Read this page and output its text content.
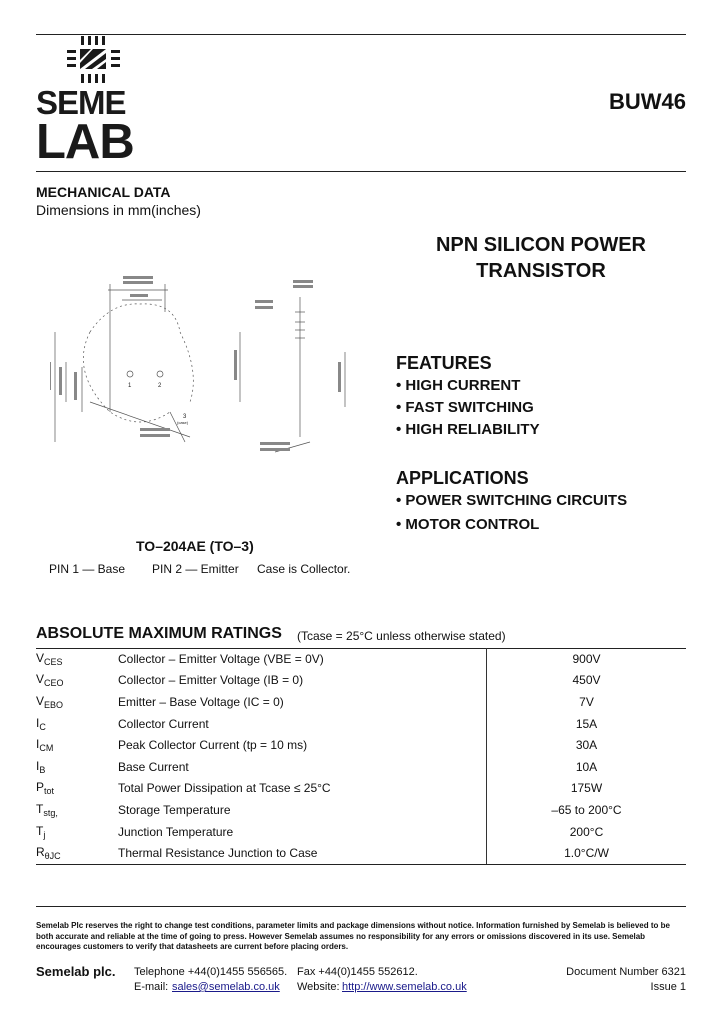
SEME
LAB
BUW46
MECHANICAL DATA
Dimensions in mm(inches)
NPN SILICON POWER
TRANSISTOR
1	2
3
(case)
FEATURES
• HIGH CURRENT
• FAST SWITCHING
• HIGH RELIABILITY
APPLICATIONS
• POWER SWITCHING CIRCUITS
• MOTOR CONTROL
TO–204AE (TO–3)
PIN 1 — Base PIN 2 — Emitter Case is Collector.
ABSOLUTE MAXIMUM RATINGS (Tcase = 25°C unless otherwise stated)
$V_{CES}$	Collector – Emitter Voltage (VBE = 0V)	900V
$V_{CEO}$	Collector – Emitter Voltage (IB = 0)	450V
$V_{EBO}$	Emitter – Base Voltage (IC = 0)	7V
$I_C$	Collector Current	15A
$I_{CM}$	Peak Collector Current (tp = 10 ms)	30A
$I_B$	Base Current	10A
$P_{tot}$	Total Power Dissipation at Tcase ≤ 25°C	175W
$T_{stg,}$	Storage Temperature	–65 to 200°C
$T_j$	Junction Temperature	200°C
$R_{\theta JC}$	Thermal Resistance Junction to Case	1.0°C/W
Semelab Plc reserves the right to change test conditions, parameter limits and package dimensions without notice. Information furnished by Semelab is believed to be both accurate and reliable at the time of going to press. However Semelab assumes no responsibility for any errors or omissions discovered in its use. Semelab encourages customers to verify that datasheets are current before placing orders.
Semelab plc. Telephone +44(0)1455 556565. Fax +44(0)1455 552612.
E-mail: sales@semelab.co.uk Website: http://www.semelab.co.uk
Document Number 6321
Issue 1
